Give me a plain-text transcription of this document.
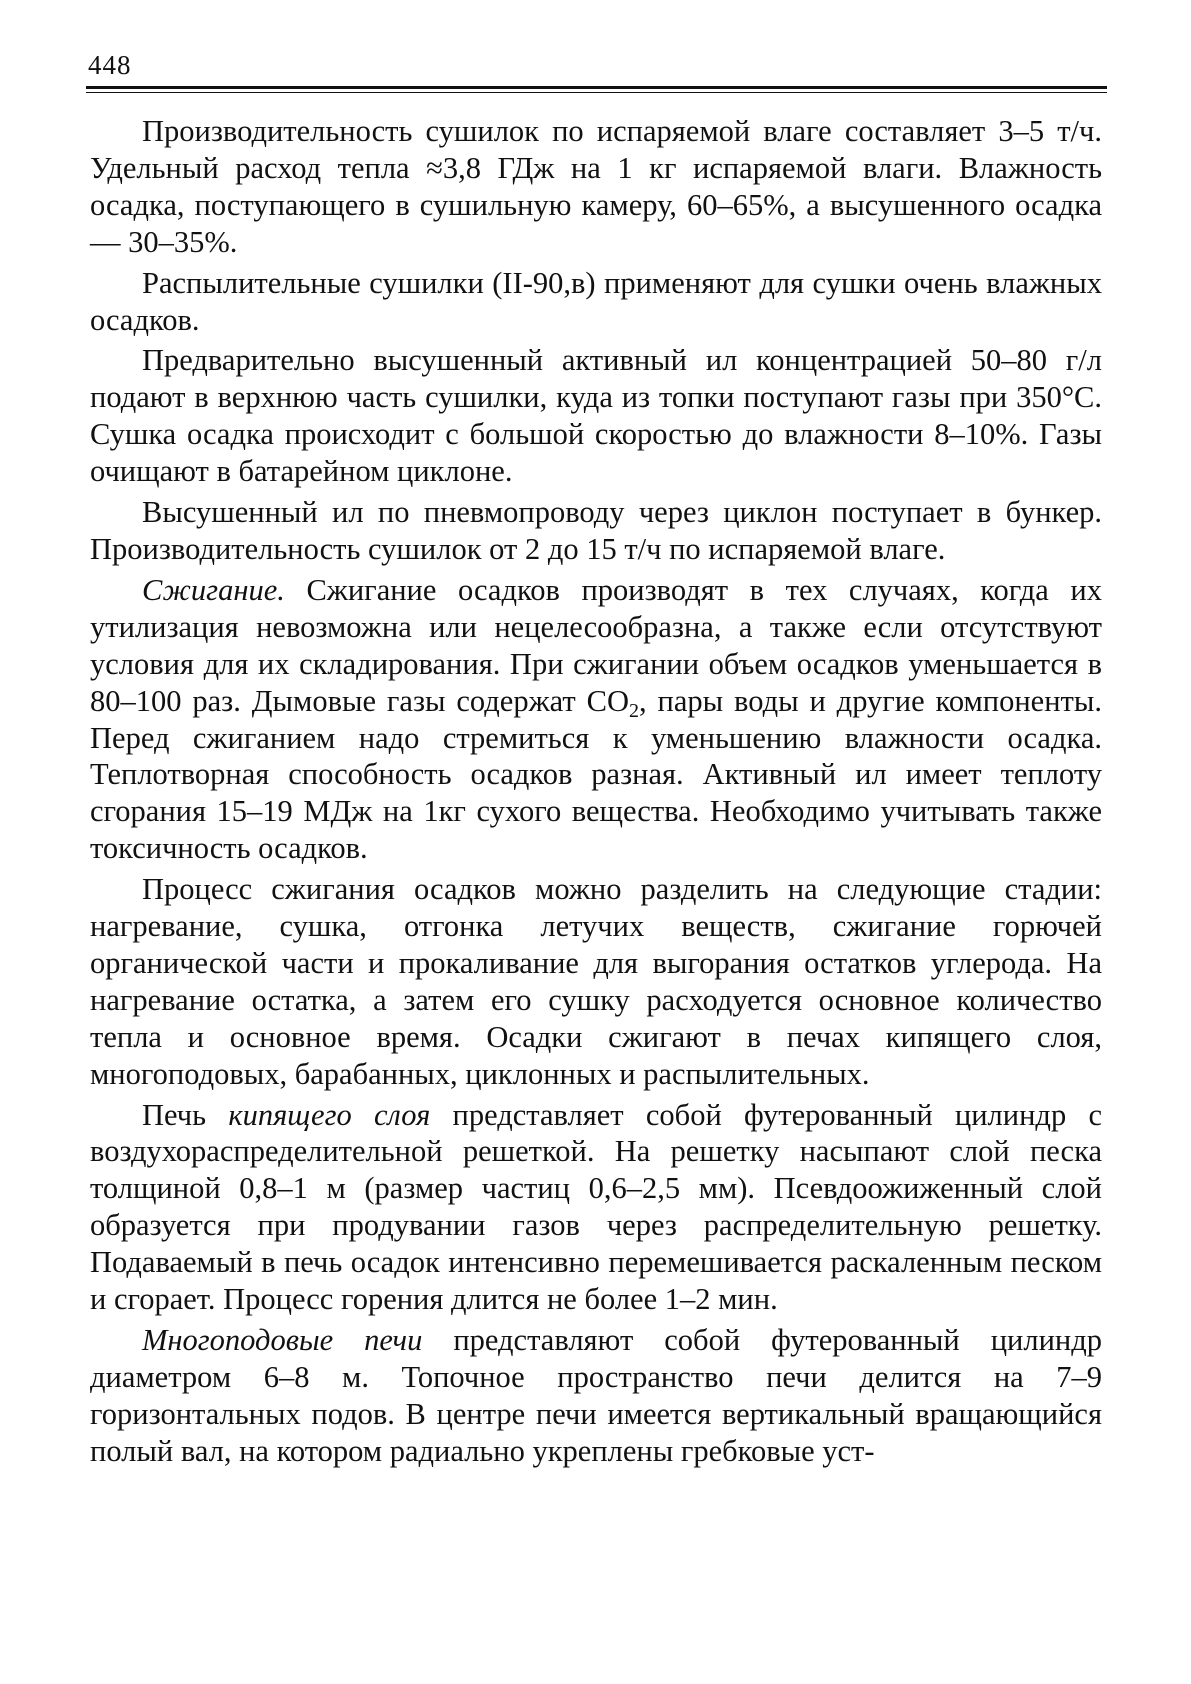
448

Производительность сушилок по испаряемой влаге составляет 3–5 т/ч. Удельный расход тепла ≈3,8 ГДж на 1 кг испаряемой влаги. Влажность осадка, поступающего в сушильную камеру, 60–65%, а высушенного осадка — 30–35%.

Распылительные сушилки (II-90,в) применяют для сушки очень влажных осадков.

Предварительно высушенный активный ил концентрацией 50–80 г/л подают в верхнюю часть сушилки, куда из топки поступают газы при 350°С. Сушка осадка происходит с большой скоростью до влажности 8–10%. Газы очищают в батарейном циклоне.

Высушенный ил по пневмопроводу через циклон поступает в бункер. Производительность сушилок от 2 до 15 т/ч по испаряемой влаге.

Сжигание. Сжигание осадков производят в тех случаях, когда их утилизация невозможна или нецелесообразна, а также если отсутствуют условия для их складирования. При сжигании объем осадков уменьшается в 80–100 раз. Дымовые газы содержат $СО_2$, пары воды и другие компоненты. Перед сжиганием надо стремиться к уменьшению влажности осадка. Теплотворная способность осадков разная. Активный ил имеет теплоту сгорания 15–19 МДж на 1кг сухого вещества. Необходимо учитывать также токсичность осадков.

Процесс сжигания осадков можно разделить на следующие стадии: нагревание, сушка, отгонка летучих веществ, сжигание горючей органической части и прокаливание для выгорания остатков углерода. На нагревание остатка, а затем его сушку расходуется основное количество тепла и основное время. Осадки сжигают в печах кипящего слоя, многоподовых, барабанных, циклонных и распылительных.

Печь кипящего слоя представляет собой футерованный цилиндр с воздухораспределительной решеткой. На решетку насыпают слой песка толщиной 0,8–1 м (размер частиц 0,6–2,5 мм). Псевдоожиженный слой образуется при продувании газов через распределительную решетку. Подаваемый в печь осадок интенсивно перемешивается раскаленным песком и сгорает. Процесс горения длится не более 1–2 мин.

Многоподовые печи представляют собой футерованный цилиндр диаметром 6–8 м. Топочное пространство печи делится на 7–9 горизонтальных подов. В центре печи имеется вертикальный вращающийся полый вал, на котором радиально укреплены гребковые уст-
